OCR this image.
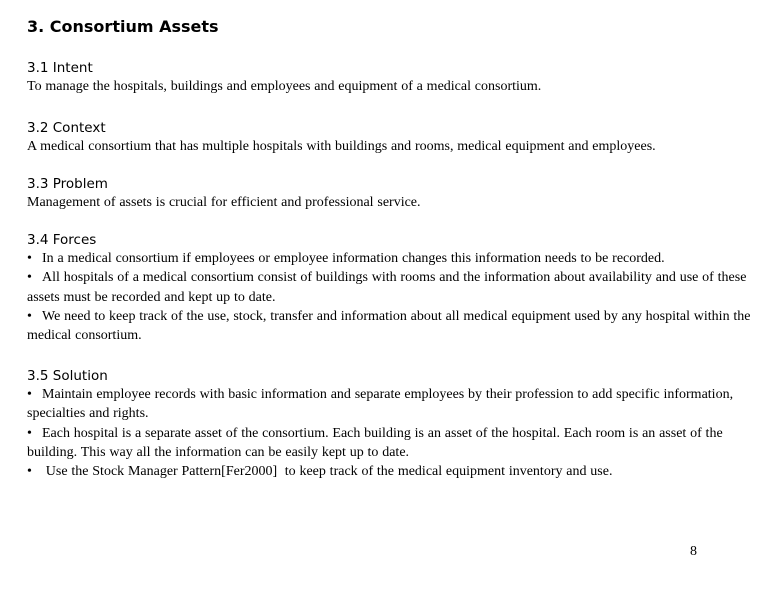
3. Consortium Assets

3.1 Intent

To manage the hospitals, buildings and employees and equipment of a medical consortium.

3.2 Context

A medical consortium that has multiple hospitals with buildings and rooms, medical equipment and employees.

3.3 Problem

Management of assets is crucial for efficient and professional service.

3.4 Forces

• In a medical consortium if employees or employee information changes this information needs to be recorded.

• All hospitals of a medical consortium consist of buildings with rooms and the information about availability and use of these assets must be recorded and kept up to date.

• We need to keep track of the use, stock, transfer and information about all medical equipment used by any hospital within the medical consortium.

3.5 Solution

• Maintain employee records with basic information and separate employees by their profession to add specific information, specialties and rights.

• Each hospital is a separate asset of the consortium. Each building is an asset of the hospital. Each room is an asset of the building. This way all the information can be easily kept up to date.

• Use the Stock Manager Pattern[Fer2000]  to keep track of the medical equipment inventory and use.

8
